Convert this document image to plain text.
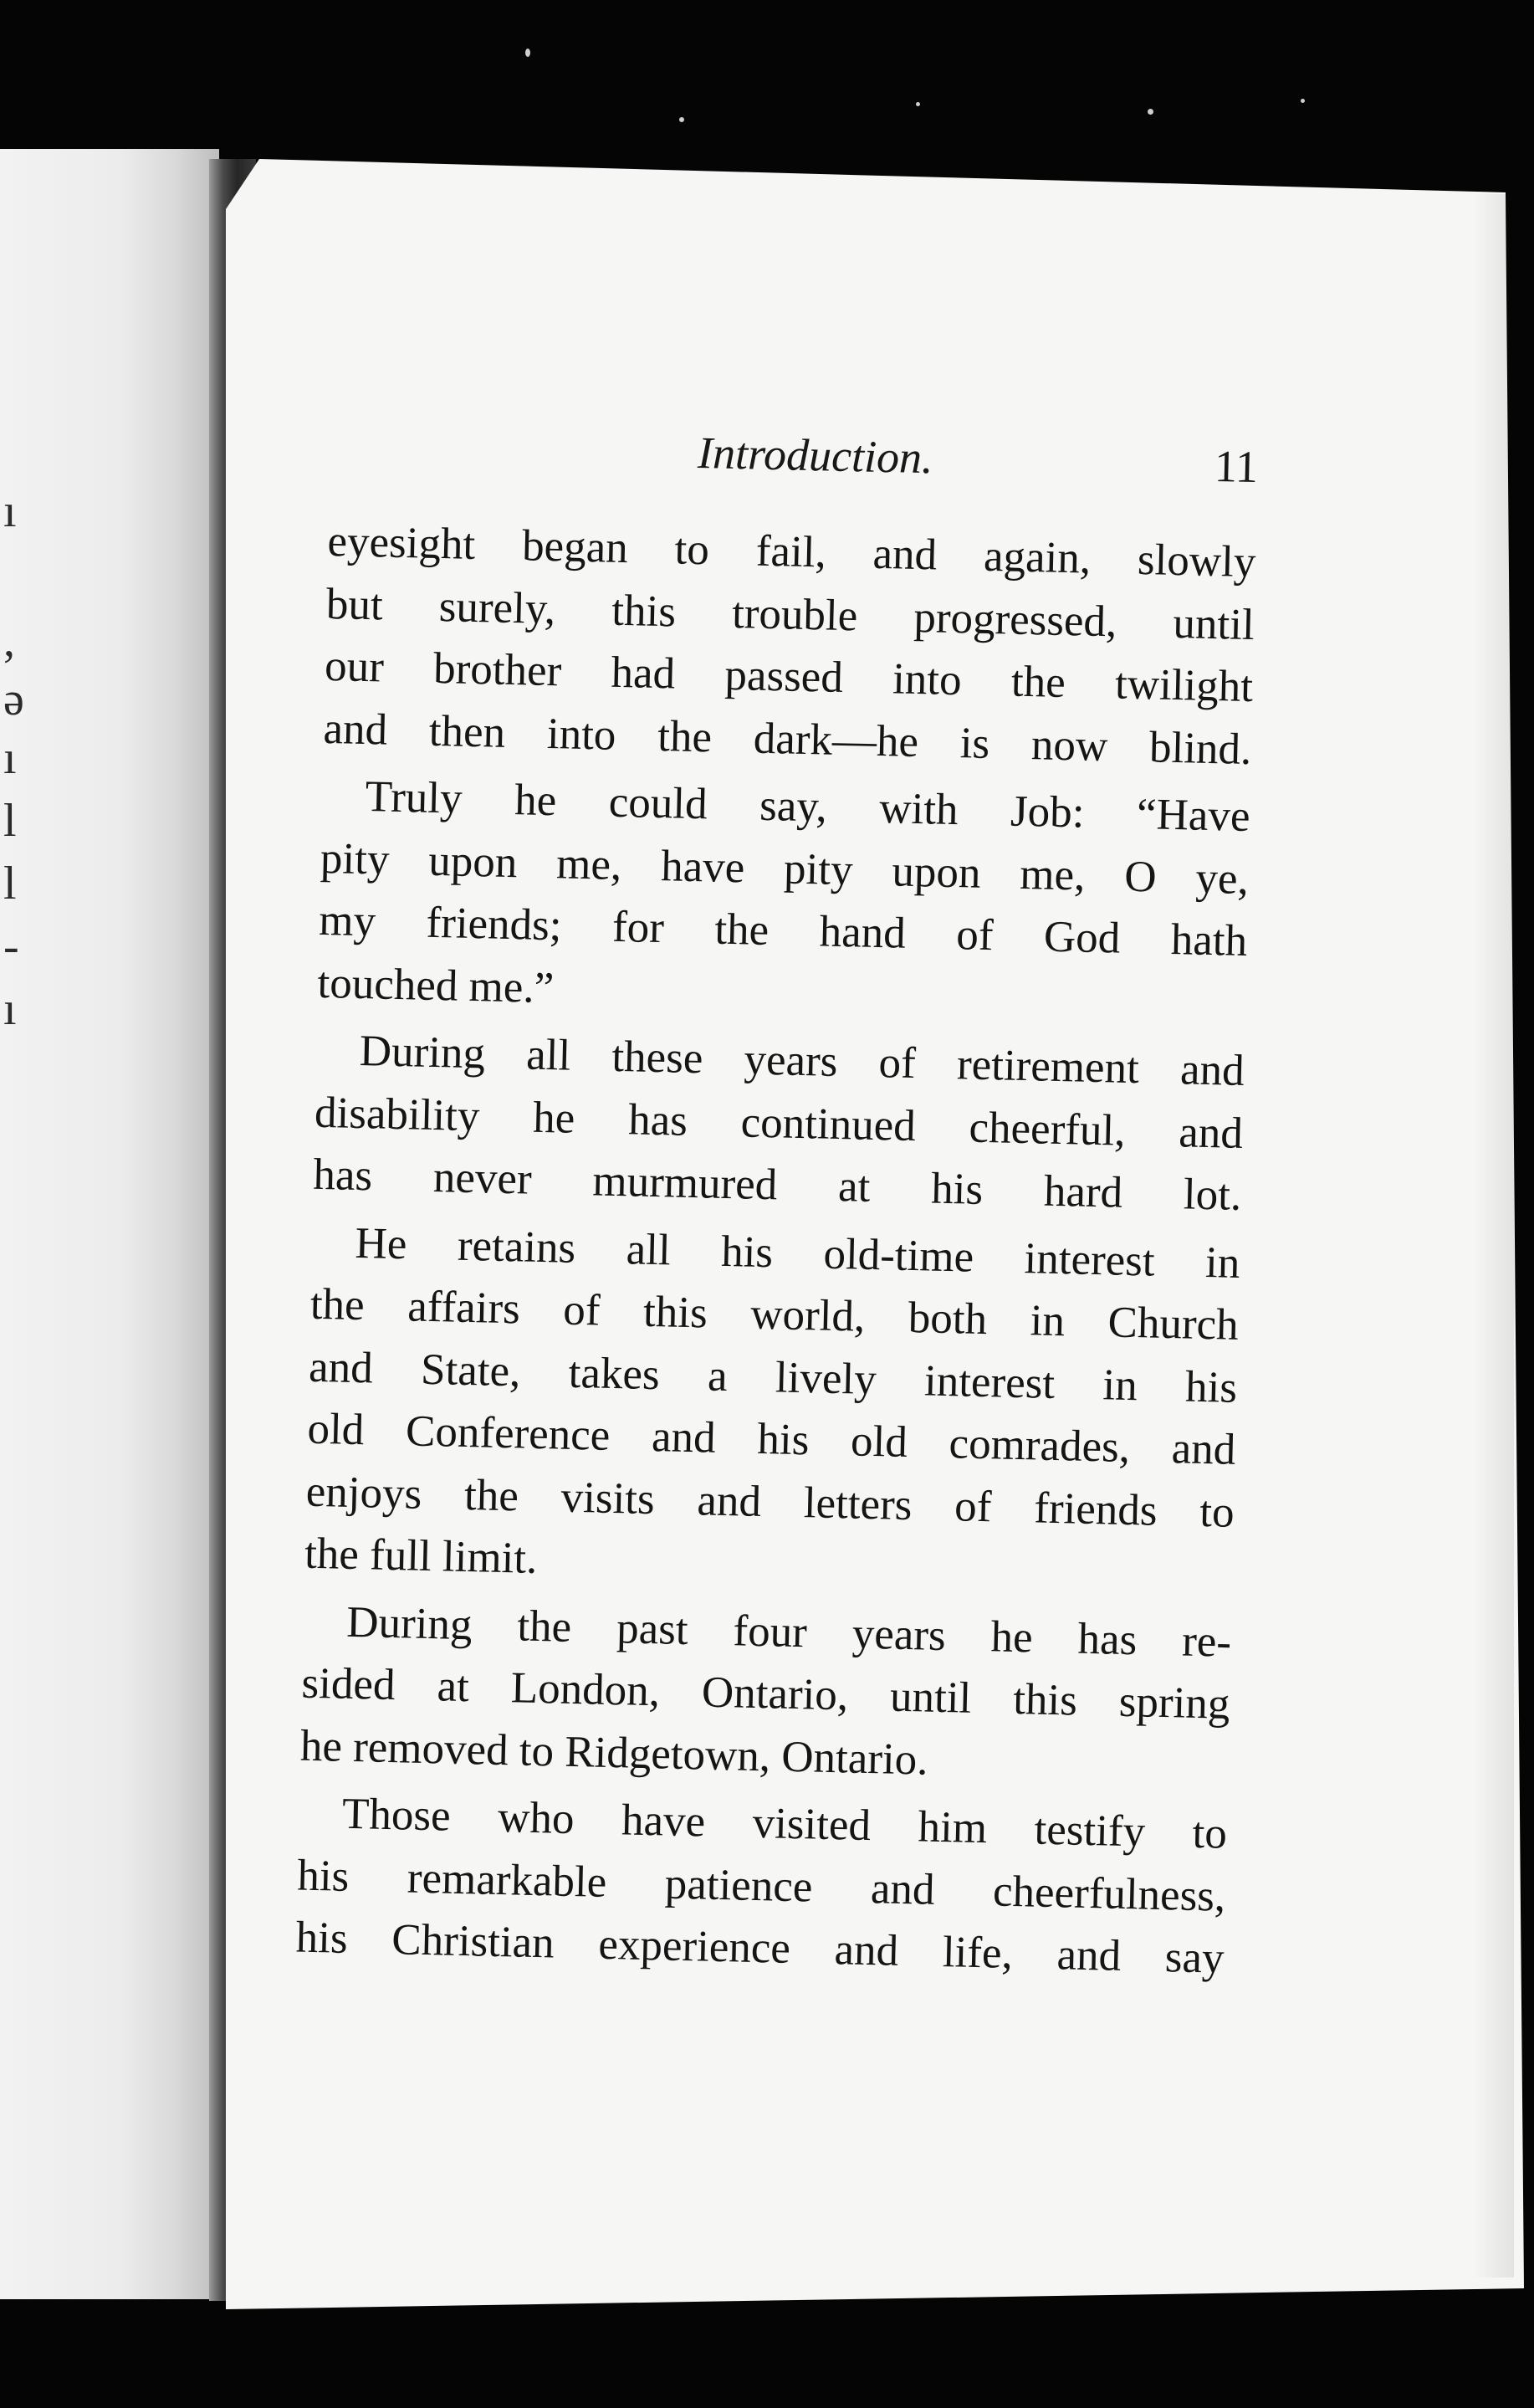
ı
,
ə
ı
l
l
-
ı
Introduction.	11
eyesight began to fail, and again, slowly
but surely, this trouble progressed, until
our brother had passed into the twilight
and then into the dark—he is now blind.
Truly he could say, with Job: “Have
pity upon me, have pity upon me, O ye,
my friends; for the hand of God hath
touched me.”
During all these years of retirement and
disability he has continued cheerful, and
has never murmured at his hard lot.
He retains all his old-time interest in
the affairs of this world, both in Church
and State, takes a lively interest in his
old Conference and his old comrades, and
enjoys the visits and letters of friends to
the full limit.
During the past four years he has re-
sided at London, Ontario, until this spring
he removed to Ridgetown, Ontario.
Those who have visited him testify to
his remarkable patience and cheerfulness,
his Christian experience and life, and say
